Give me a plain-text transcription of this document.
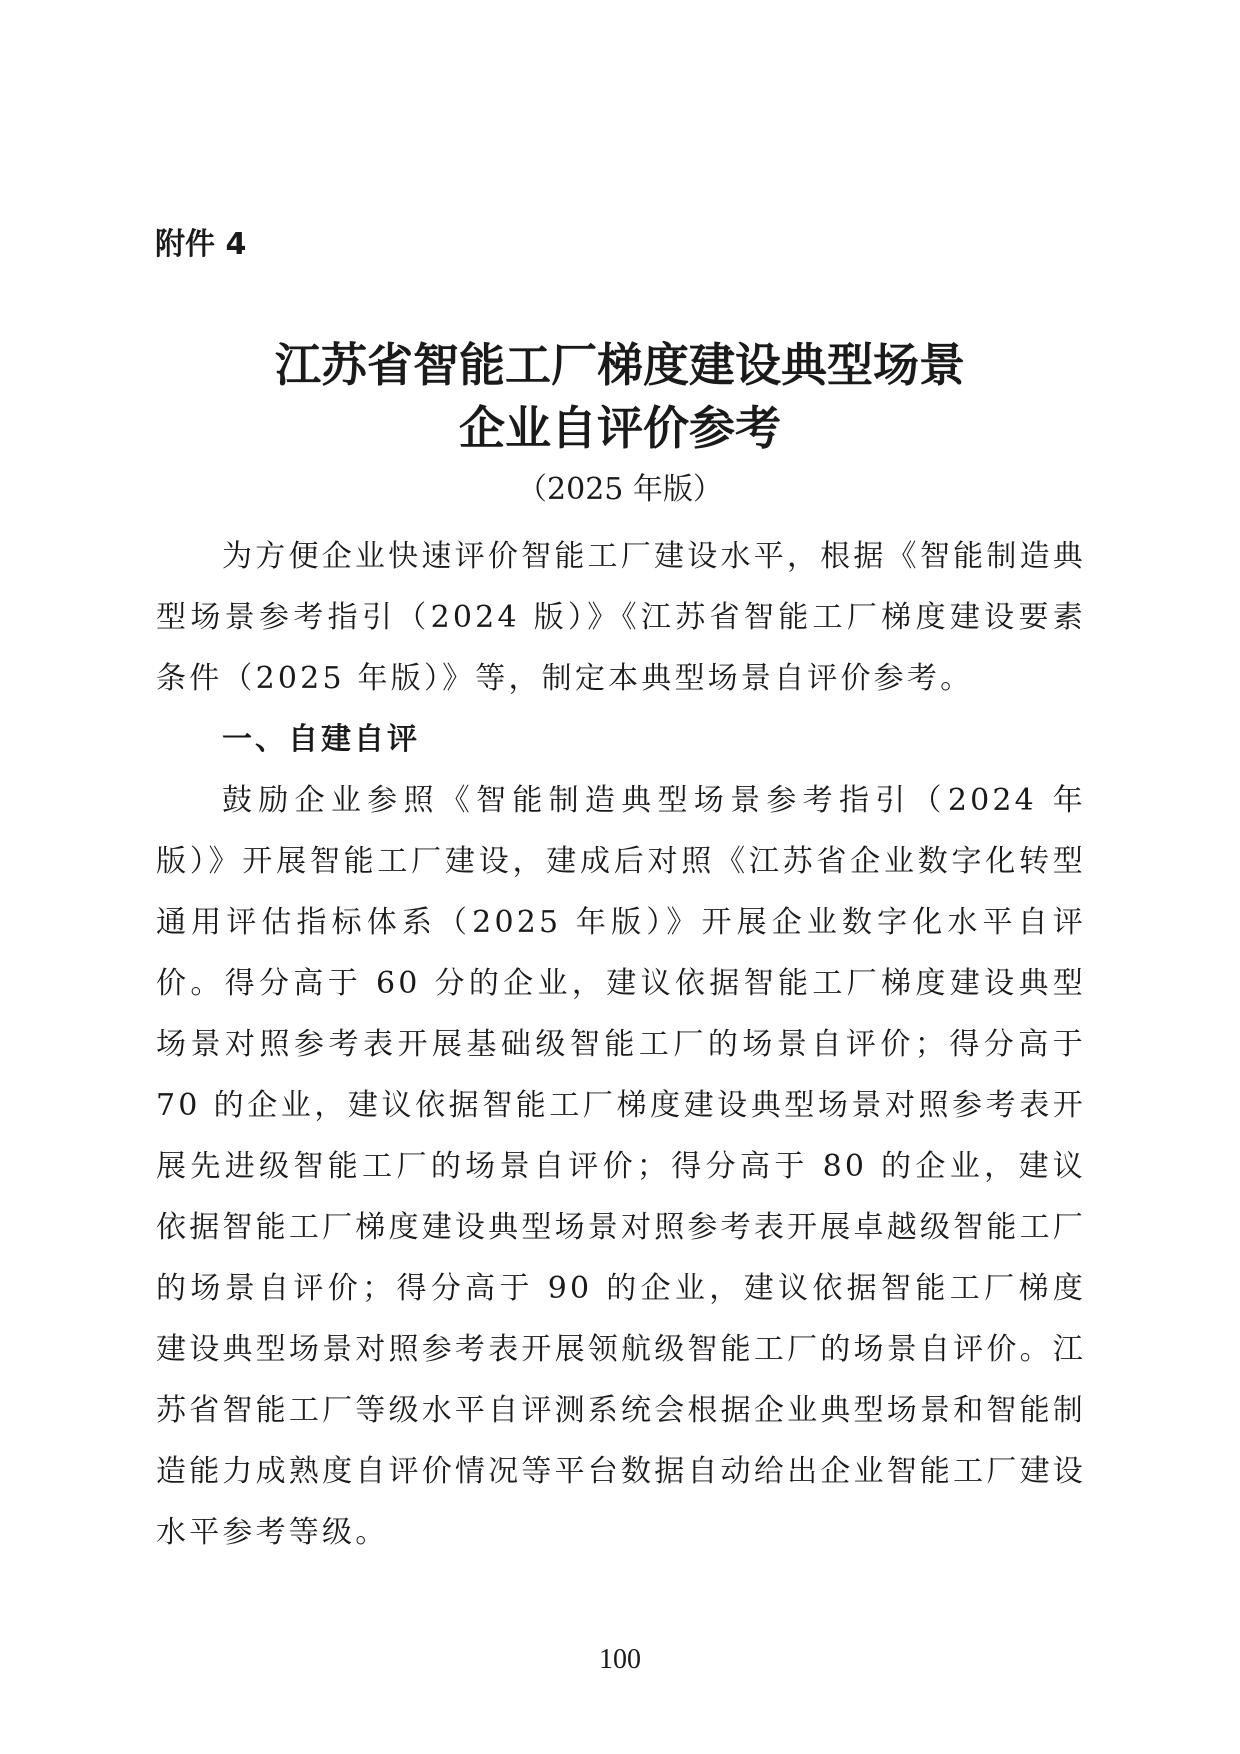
附件 4

江苏省智能工厂梯度建设典型场景
企业自评价参考

（2025 年版）

为方便企业快速评价智能工厂建设水平，根据《智能制造典型场景参考指引（2024 版）》《江苏省智能工厂梯度建设要素条件（2025 年版）》等，制定本典型场景自评价参考。

一、自建自评

鼓励企业参照《智能制造典型场景参考指引（2024 年版）》开展智能工厂建设，建成后对照《江苏省企业数字化转型通用评估指标体系（2025 年版）》开展企业数字化水平自评价。得分高于 60 分的企业，建议依据智能工厂梯度建设典型场景对照参考表开展基础级智能工厂的场景自评价；得分高于 70 的企业，建议依据智能工厂梯度建设典型场景对照参考表开展先进级智能工厂的场景自评价；得分高于 80 的企业，建议依据智能工厂梯度建设典型场景对照参考表开展卓越级智能工厂的场景自评价；得分高于 90 的企业，建议依据智能工厂梯度建设典型场景对照参考表开展领航级智能工厂的场景自评价。江苏省智能工厂等级水平自评测系统会根据企业典型场景和智能制造能力成熟度自评价情况等平台数据自动给出企业智能工厂建设水平参考等级。

100
